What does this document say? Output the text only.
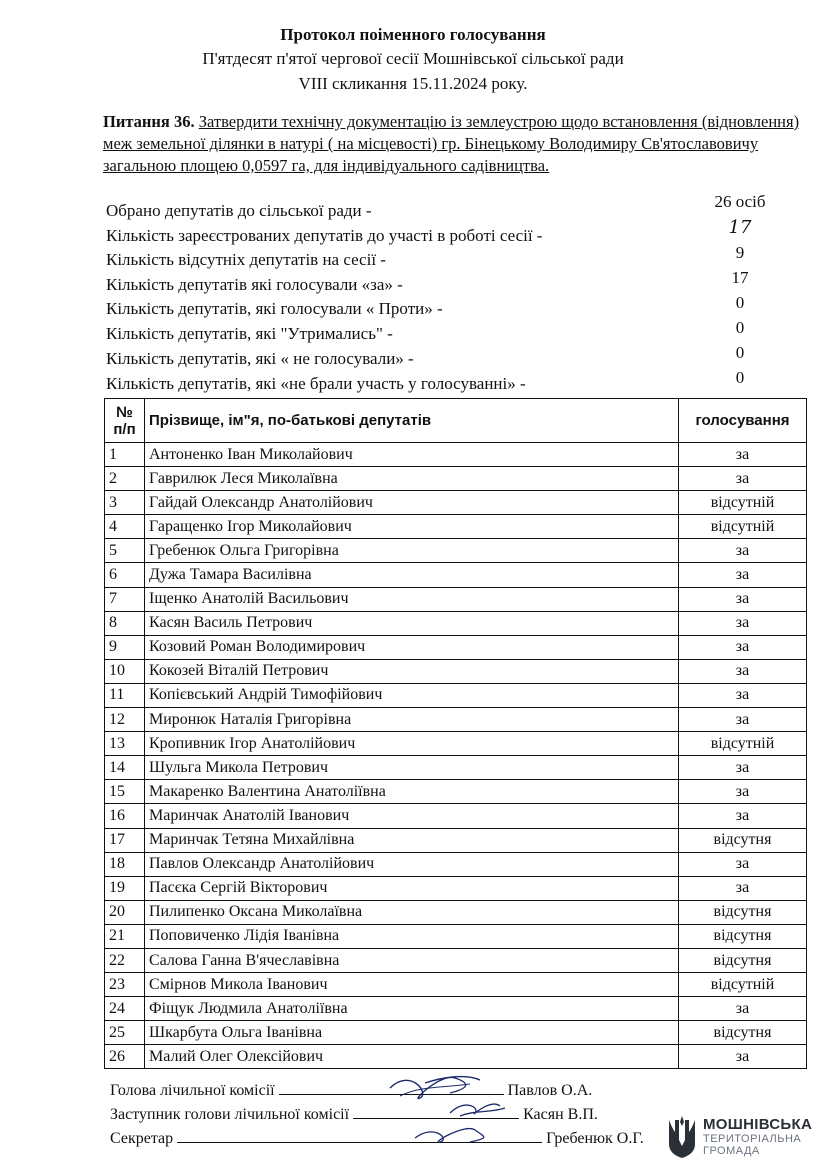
Протокол поіменного голосування
П'ятдесят п'ятої чергової сесії Мошнівської сільської ради
VIII скликання 15.11.2024 року.
Питання 36. Затвердити технічну документацію із землеустрою щодо встановлення (відновлення) меж земельної ділянки в натурі ( на місцевості) гр. Бінецькому Володимиру Св'ятославовичу загальною площею 0,0597 га, для індивідуального садівництва.
Обрано депутатів до сільської ради -	26 осіб
Кількість зареєстрованих депутатів до участі в роботі сесії -	17
Кількість відсутніх депутатів на сесії -	9
Кількість депутатів які голосували «за» -	17
Кількість депутатів, які голосували « Проти» -	0
Кількість депутатів, які "Утримались" -	0
Кількість депутатів, які « не голосували» -	0
Кількість депутатів, які «не брали участь у голосуванні» -	0
№ п/п	Прізвище, ім"я, по-батькові депутатів	голосування
1	Антоненко Іван Миколайович	за
2	Гаврилюк Леся Миколаївна	за
3	Гайдай Олександр Анатолійович	відсутній
4	Гаращенко Ігор Миколайович	відсутній
5	Гребенюк Ольга Григорівна	за
6	Дужа Тамара Василівна	за
7	Іщенко Анатолій Васильович	за
8	Касян Василь Петрович	за
9	Козовий Роман Володимирович	за
10	Кокозей Віталій Петрович	за
11	Копієвський Андрій Тимофійович	за
12	Миронюк Наталія Григорівна	за
13	Кропивник Ігор Анатолійович	відсутній
14	Шульга Микола Петрович	за
15	Макаренко Валентина Анатоліївна	за
16	Маринчак Анатолій Іванович	за
17	Маринчак Тетяна Михайлівна	відсутня
18	Павлов Олександр Анатолійович	за
19	Пасєка Сергій Вікторович	за
20	Пилипенко Оксана Миколаївна	відсутня
21	Поповиченко Лідія Іванівна	відсутня
22	Салова Ганна В'ячеславівна	відсутня
23	Смірнов Микола Іванович	відсутній
24	Фіщук Людмила Анатоліївна	за
25	Шкарбута Ольга Іванівна	відсутня
26	Малий Олег Олексійович	за
Голова лічильної комісії	Павлов О.А.
Заступник голови лічильної комісії	Касян В.П.
Секретар	Гребенюк О.Г.
МОШНІВСЬКА
ТЕРИТОРІАЛЬНА
ГРОМАДА
